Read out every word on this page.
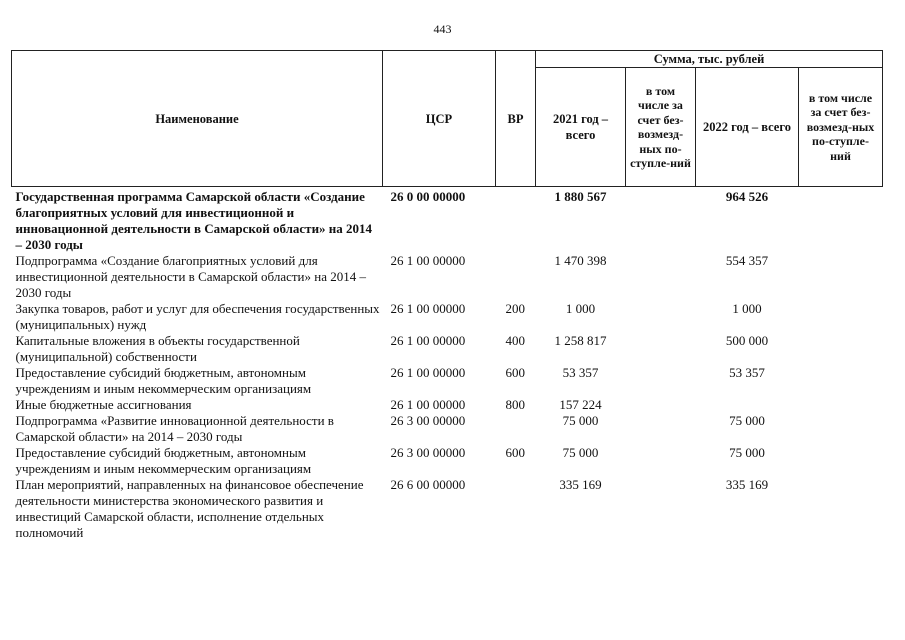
443
Наименование	ЦСР	ВР	Сумма, тыс. рублей			
			2021 год – всего	в том числе за счет без-возмезд-ных по-ступле-ний	2022 год – всего	в том числе за счет без-возмезд-ных по-ступле-ний
Государственная программа Самарской области «Создание благоприятных условий для инвестиционной и инновационной деятельности в Самарской области» на 2014 – 2030 годы	26 0 00 00000		1 880 567		964 526	
Подпрограмма «Создание благоприятных условий для инвестиционной деятельности в Самарской области» на 2014 – 2030 годы	26 1 00 00000		1 470 398		554 357	
Закупка товаров, работ и услуг для обеспечения государственных (муниципальных) нужд	26 1 00 00000	200	1 000		1 000	
Капитальные вложения в объекты государственной (муниципальной) собственности	26 1 00 00000	400	1 258 817		500 000	
Предоставление субсидий бюджетным, автономным учреждениям и иным некоммерческим организациям	26 1 00 00000	600	53 357		53 357	
Иные бюджетные ассигнования	26 1 00 00000	800	157 224			
Подпрограмма «Развитие инновационной деятельности в Самарской области» на 2014 – 2030 годы	26 3 00 00000		75 000		75 000	
Предоставление субсидий бюджетным, автономным учреждениям и иным некоммерческим организациям	26 3 00 00000	600	75 000		75 000	
План мероприятий, направленных на финансовое обеспечение деятельности министерства экономического развития и инвестиций Самарской области, исполнение отдельных полномочий	26 6 00 00000		335 169		335 169	
